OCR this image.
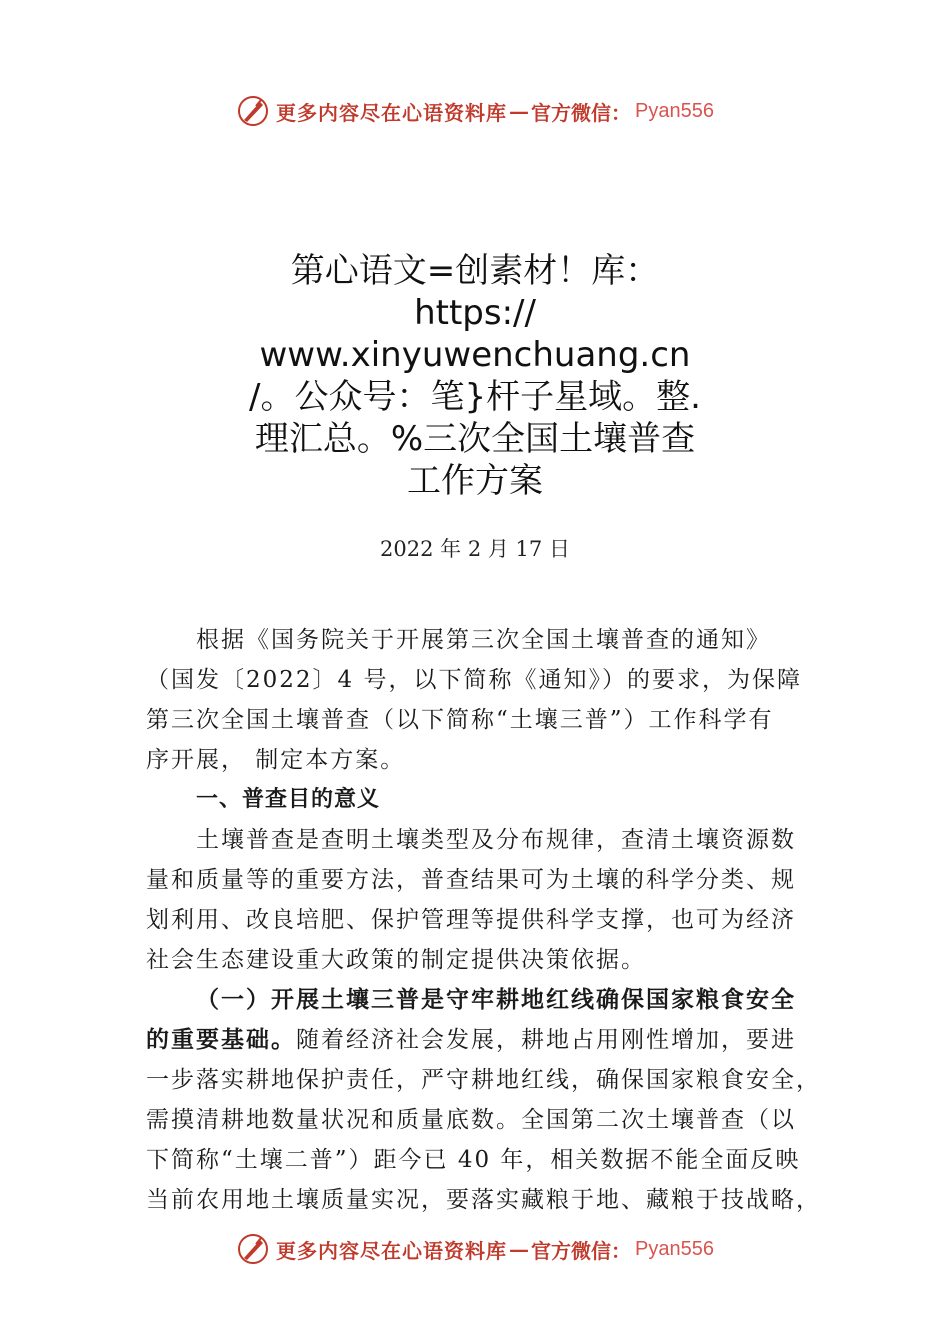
更多内容尽在心语资料库 — 官方微信： Pyan556
第心语文=创素材！库：
https://
www.xinyuwenchuang.cn
/。公众号：笔}杆子星域。整.
理汇总。%三次全国土壤普查
工作方案
2022 年 2 月 17 日
根据《国务院关于开展第三次全国土壤普查的通知》
（国发〔2022〕4 号，以下简称《通知》）的要求，为保障
第三次全国土壤普查（以下简称“土壤三普”）工作科学有
序开展， 制定本方案。
一、普查目的意义
土壤普查是查明土壤类型及分布规律，查清土壤资源数
量和质量等的重要方法，普查结果可为土壤的科学分类、规
划利用、改良培肥、保护管理等提供科学支撑，也可为经济
社会生态建设重大政策的制定提供决策依据。
（一）开展土壤三普是守牢耕地红线确保国家粮食安全
的重要基础。随着经济社会发展，耕地占用刚性增加，要进
一步落实耕地保护责任，严守耕地红线，确保国家粮食安全，
需摸清耕地数量状况和质量底数。全国第二次土壤普查（以
下简称“土壤二普”）距今已 40 年，相关数据不能全面反映
当前农用地土壤质量实况，要落实藏粮于地、藏粮于技战略，
更多内容尽在心语资料库 — 官方微信： Pyan556
